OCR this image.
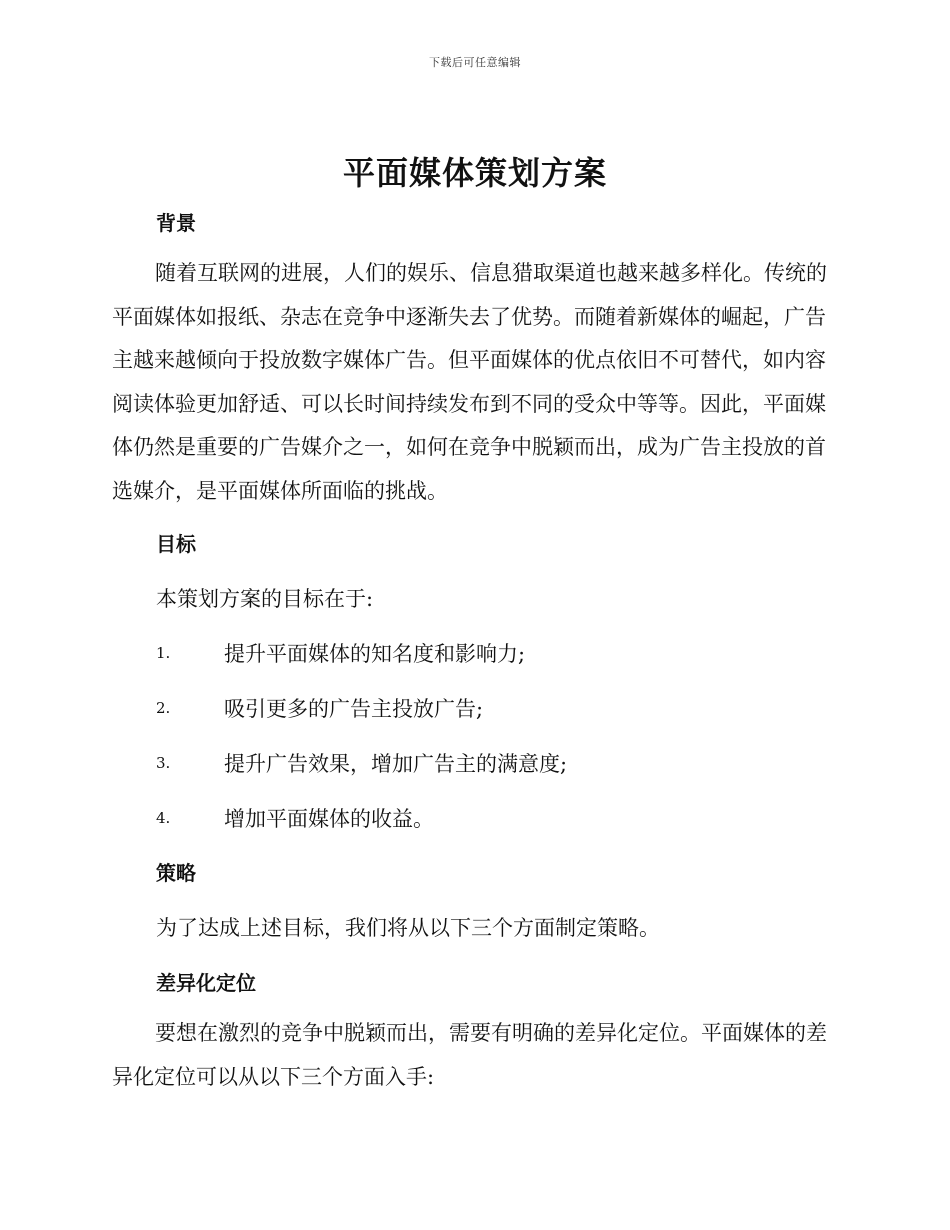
下载后可任意编辑
平面媒体策划方案
背景

随着互联网的进展，人们的娱乐、信息猎取渠道也越来越多样化。传统的平面媒体如报纸、杂志在竞争中逐渐失去了优势。而随着新媒体的崛起，广告主越来越倾向于投放数字媒体广告。但平面媒体的优点依旧不可替代，如内容阅读体验更加舒适、可以长时间持续发布到不同的受众中等等。因此，平面媒体仍然是重要的广告媒介之一，如何在竞争中脱颖而出，成为广告主投放的首选媒介，是平面媒体所面临的挑战。

目标

本策划方案的目标在于:

1.	提升平面媒体的知名度和影响力;
2.	吸引更多的广告主投放广告;
3.	提升广告效果，增加广告主的满意度;
4.	增加平面媒体的收益。
策略

为了达成上述目标，我们将从以下三个方面制定策略。

差异化定位

要想在激烈的竞争中脱颖而出，需要有明确的差异化定位。平面媒体的差异化定位可以从以下三个方面入手:
